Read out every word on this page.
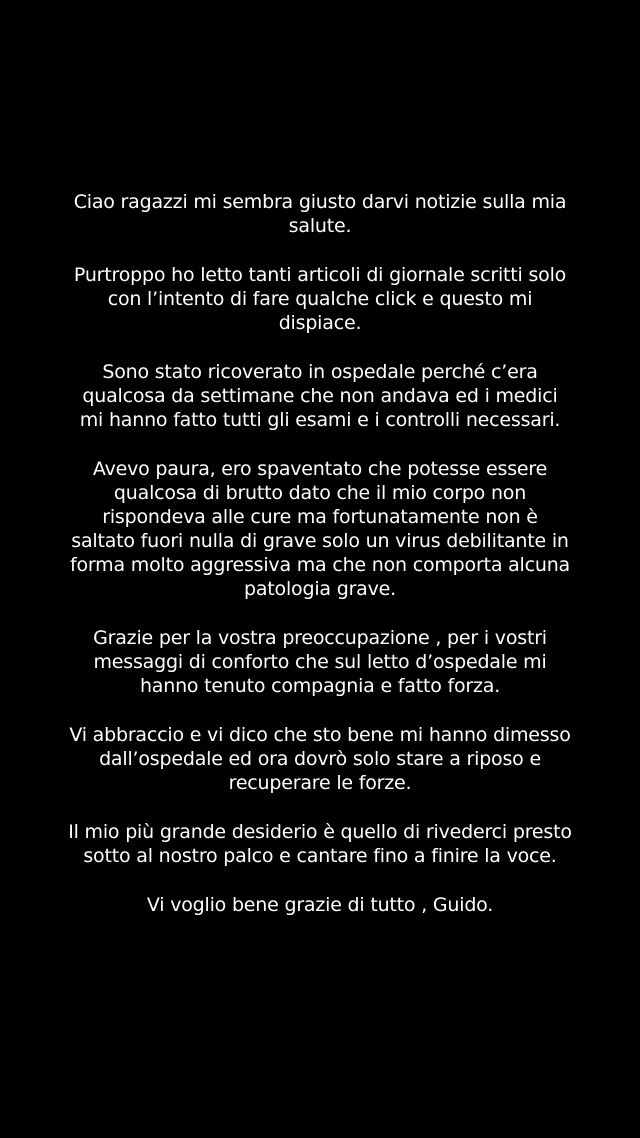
Ciao ragazzi mi sembra giusto darvi notizie sulla mia salute.

Purtroppo ho letto tanti articoli di giornale scritti solo con l’intento di fare qualche click e questo mi dispiace.

Sono stato ricoverato in ospedale perché c’era qualcosa da settimane che non andava ed i medici mi hanno fatto tutti gli esami e i controlli necessari.

Avevo paura, ero spaventato che potesse essere qualcosa di brutto dato che il mio corpo non rispondeva alle cure ma fortunatamente non è saltato fuori nulla di grave solo un virus debilitante in forma molto aggressiva ma che non comporta alcuna patologia grave.

Grazie per la vostra preoccupazione , per i vostri messaggi di conforto che sul letto d’ospedale mi hanno tenuto compagnia e fatto forza.

Vi abbraccio e vi dico che sto bene mi hanno dimesso dall’ospedale ed ora dovrò solo stare a riposo e recuperare le forze.

Il mio più grande desiderio è quello di rivederci presto sotto al nostro palco e cantare fino a finire la voce.

Vi voglio bene grazie di tutto , Guido.
